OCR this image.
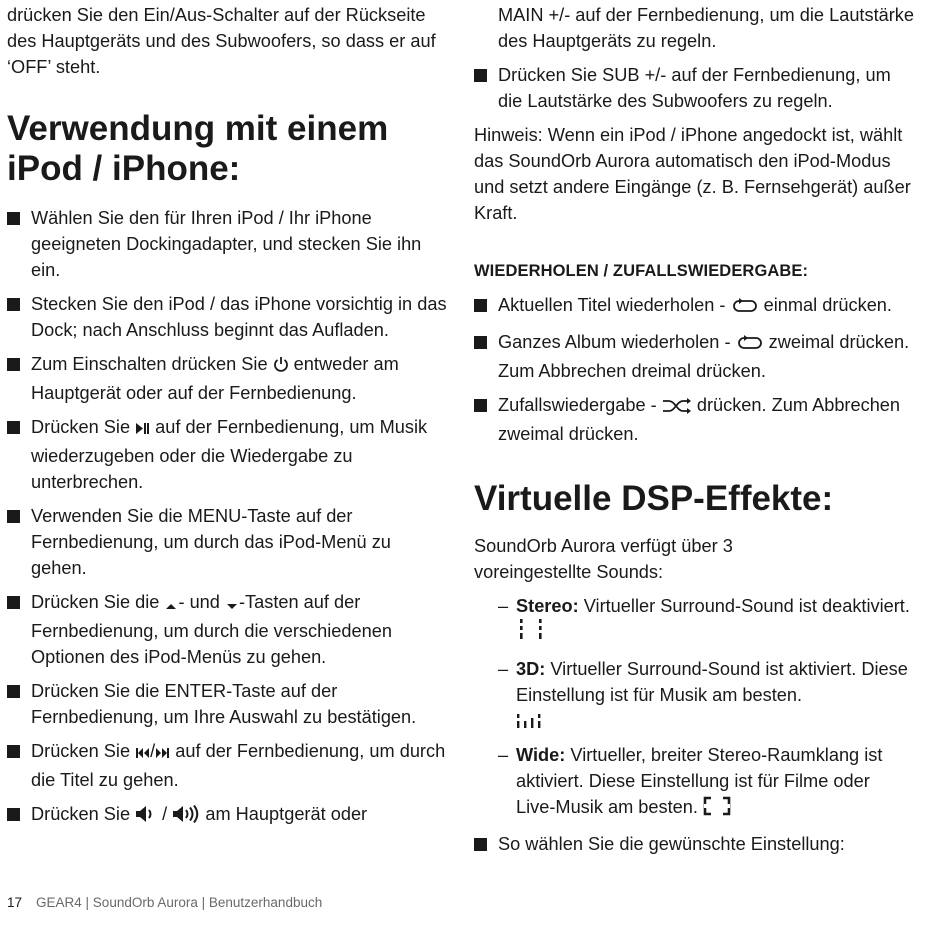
drücken Sie den Ein/Aus-Schalter auf der Rückseite des Hauptgeräts und des Subwoofers, so dass er auf ‘OFF’ steht.

Verwendung mit einem iPod / iPhone:
Wählen Sie den für Ihren iPod / Ihr iPhone geeigneten Dockingadapter, und stecken Sie ihn ein.
Stecken Sie den iPod / das iPhone vorsichtig in das Dock; nach Anschluss beginnt das Aufladen.
Zum Einschalten drücken Sie  entweder am Hauptgerät oder auf der Fernbedienung.
Drücken Sie  auf der Fernbedienung, um Musik wiederzugeben oder die Wiedergabe zu unterbrechen.
Verwenden Sie die MENU-Taste auf der Fernbedienung, um durch das iPod-Menü zu gehen.
Drücken Sie die - und -Tasten auf der Fernbedienung, um durch die verschiedenen Optionen des iPod-Menüs zu gehen.
Drücken Sie die ENTER-Taste auf der Fernbedienung, um Ihre Auswahl zu bestätigen.
Drücken Sie / auf der Fernbedienung, um durch die Titel zu gehen.
Drücken Sie  /  am Hauptgerät oder

MAIN +/- auf der Fernbedienung, um die Lautstärke des Hauptgeräts zu regeln.

Drücken Sie SUB +/- auf der Fernbedienung, um die Lautstärke des Subwoofers zu regeln.

Hinweis: Wenn ein iPod / iPhone angedockt ist, wählt das SoundOrb Aurora automatisch den iPod-Modus und setzt andere Eingänge (z. B. Fernsehgerät) außer Kraft.

WIEDERHOLEN / ZUFALLSWIEDERGABE:
Aktuellen Titel wiederholen -  einmal drücken.
Ganzes Album wiederholen -  zweimal drücken. Zum Abbrechen dreimal drücken.
Zufallswiedergabe -  drücken. Zum Abbrechen zweimal drücken.
Virtuelle DSP-Effekte:

SoundOrb Aurora verfügt über 3 voreingestellte Sounds:

– Stereo: Virtueller Surround-Sound ist deaktiviert.
– 3D: Virtueller Surround-Sound ist aktiviert. Diese Einstellung ist für Musik am besten.
– Wide: Virtueller, breiter Stereo-Raumklang ist aktiviert. Diese Einstellung ist für Filme oder Live-Musik am besten.
So wählen Sie die gewünschte Einstellung:
17 GEAR4 | SoundOrb Aurora | Benutzerhandbuch
